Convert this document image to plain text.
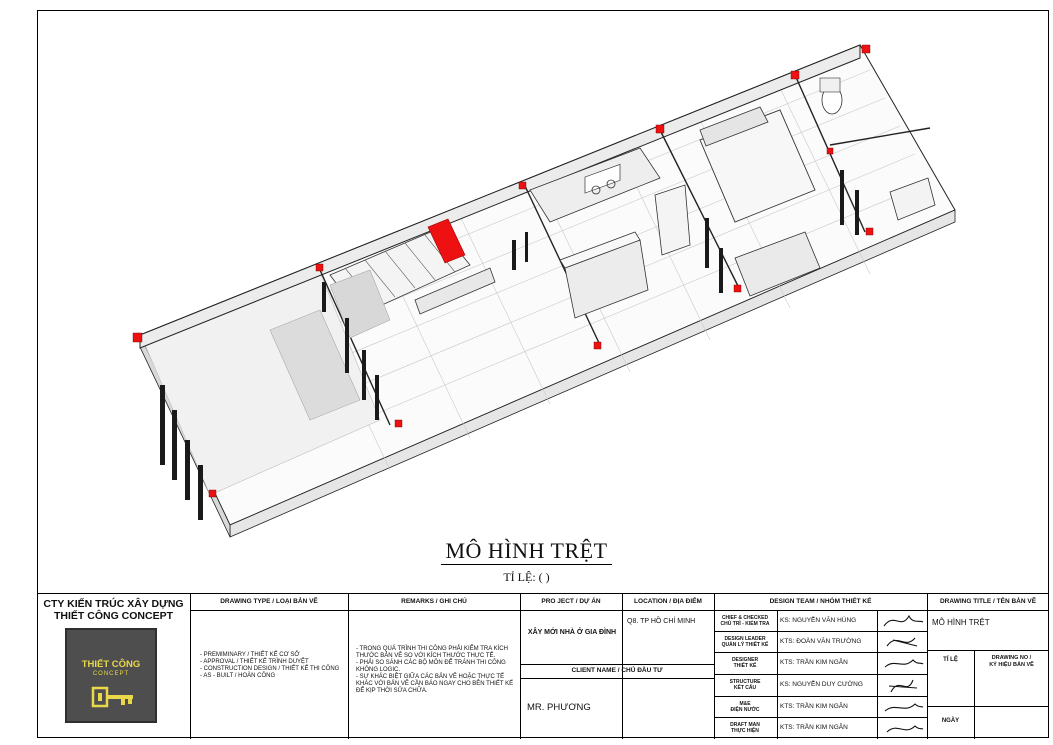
MÔ HÌNH TRỆT
TỈ LỆ: ( )
CTY KIẾN TRÚC XÂY DỰNG
THIẾT CÔNG CONCEPT
THIẾT CÔNG
CONCEPT
DRAWING TYPE / LOẠI BẢN VẼ
- PREMIMINARY / THIẾT KẾ CƠ SỞ
- APPROVAL / THIẾT KẾ TRÌNH DUYỆT
- CONSTRUCTION DESIGN / THIẾT KẾ THI CÔNG
- AS - BUILT / HOÀN CÔNG
REMARKS / GHI CHÚ
- TRONG QUÁ TRÌNH THI CÔNG PHẢI KIỂM TRA KÍCH THƯỚC BẢN VẼ SO VỚI KÍCH THƯỚC THỰC TẾ.
- PHẢI SO SÁNH CÁC BỘ MÔN ĐỂ TRÁNH THI CÔNG KHÔNG LOGIC.
- SỰ KHÁC BIỆT GIỮA CÁC BẢN VẼ HOẶC THỰC TẾ KHÁC VỚI BẢN VẼ CẦN BÁO NGAY CHO BÊN THIẾT KẾ ĐỂ KỊP THỜI SỬA CHỮA.
PRO JECT / DỰ ÁN
XÂY MỚI NHÀ Ở GIA ĐÌNH
LOCATION / ĐỊA ĐIỂM
Q8. TP HỒ CHÍ MINH
CLIENT NAME / CHỦ ĐẦU TƯ
MR. PHƯƠNG
DESIGN TEAM / NHÓM THIẾT KẾ
CHIEF & CHECKED
CHỦ TRÌ - KIỂM TRA	KS: NGUYỄN VĂN HÙNG
DESIGN LEADER
QUẢN LÝ THIẾT KẾ	KTS: ĐOÀN VĂN TRƯỜNG
DESIGNER
THIẾT KẾ	KTS: TRẦN KIM NGÂN
STRUCTURE
KẾT CẤU	KS: NGUYỄN DUY CƯỜNG
M&E
ĐIỆN NƯỚC	KTS: TRẦN KIM NGÂN
DRAFT MAN
THỰC HIỆN	KTS: TRẦN KIM NGÂN
DRAWING TITLE / TÊN BẢN VẼ
MÔ HÌNH TRỆT
TỈ LỆ	DRAWING NO /
KÝ HIỆU BẢN VẼ
NGÀY
